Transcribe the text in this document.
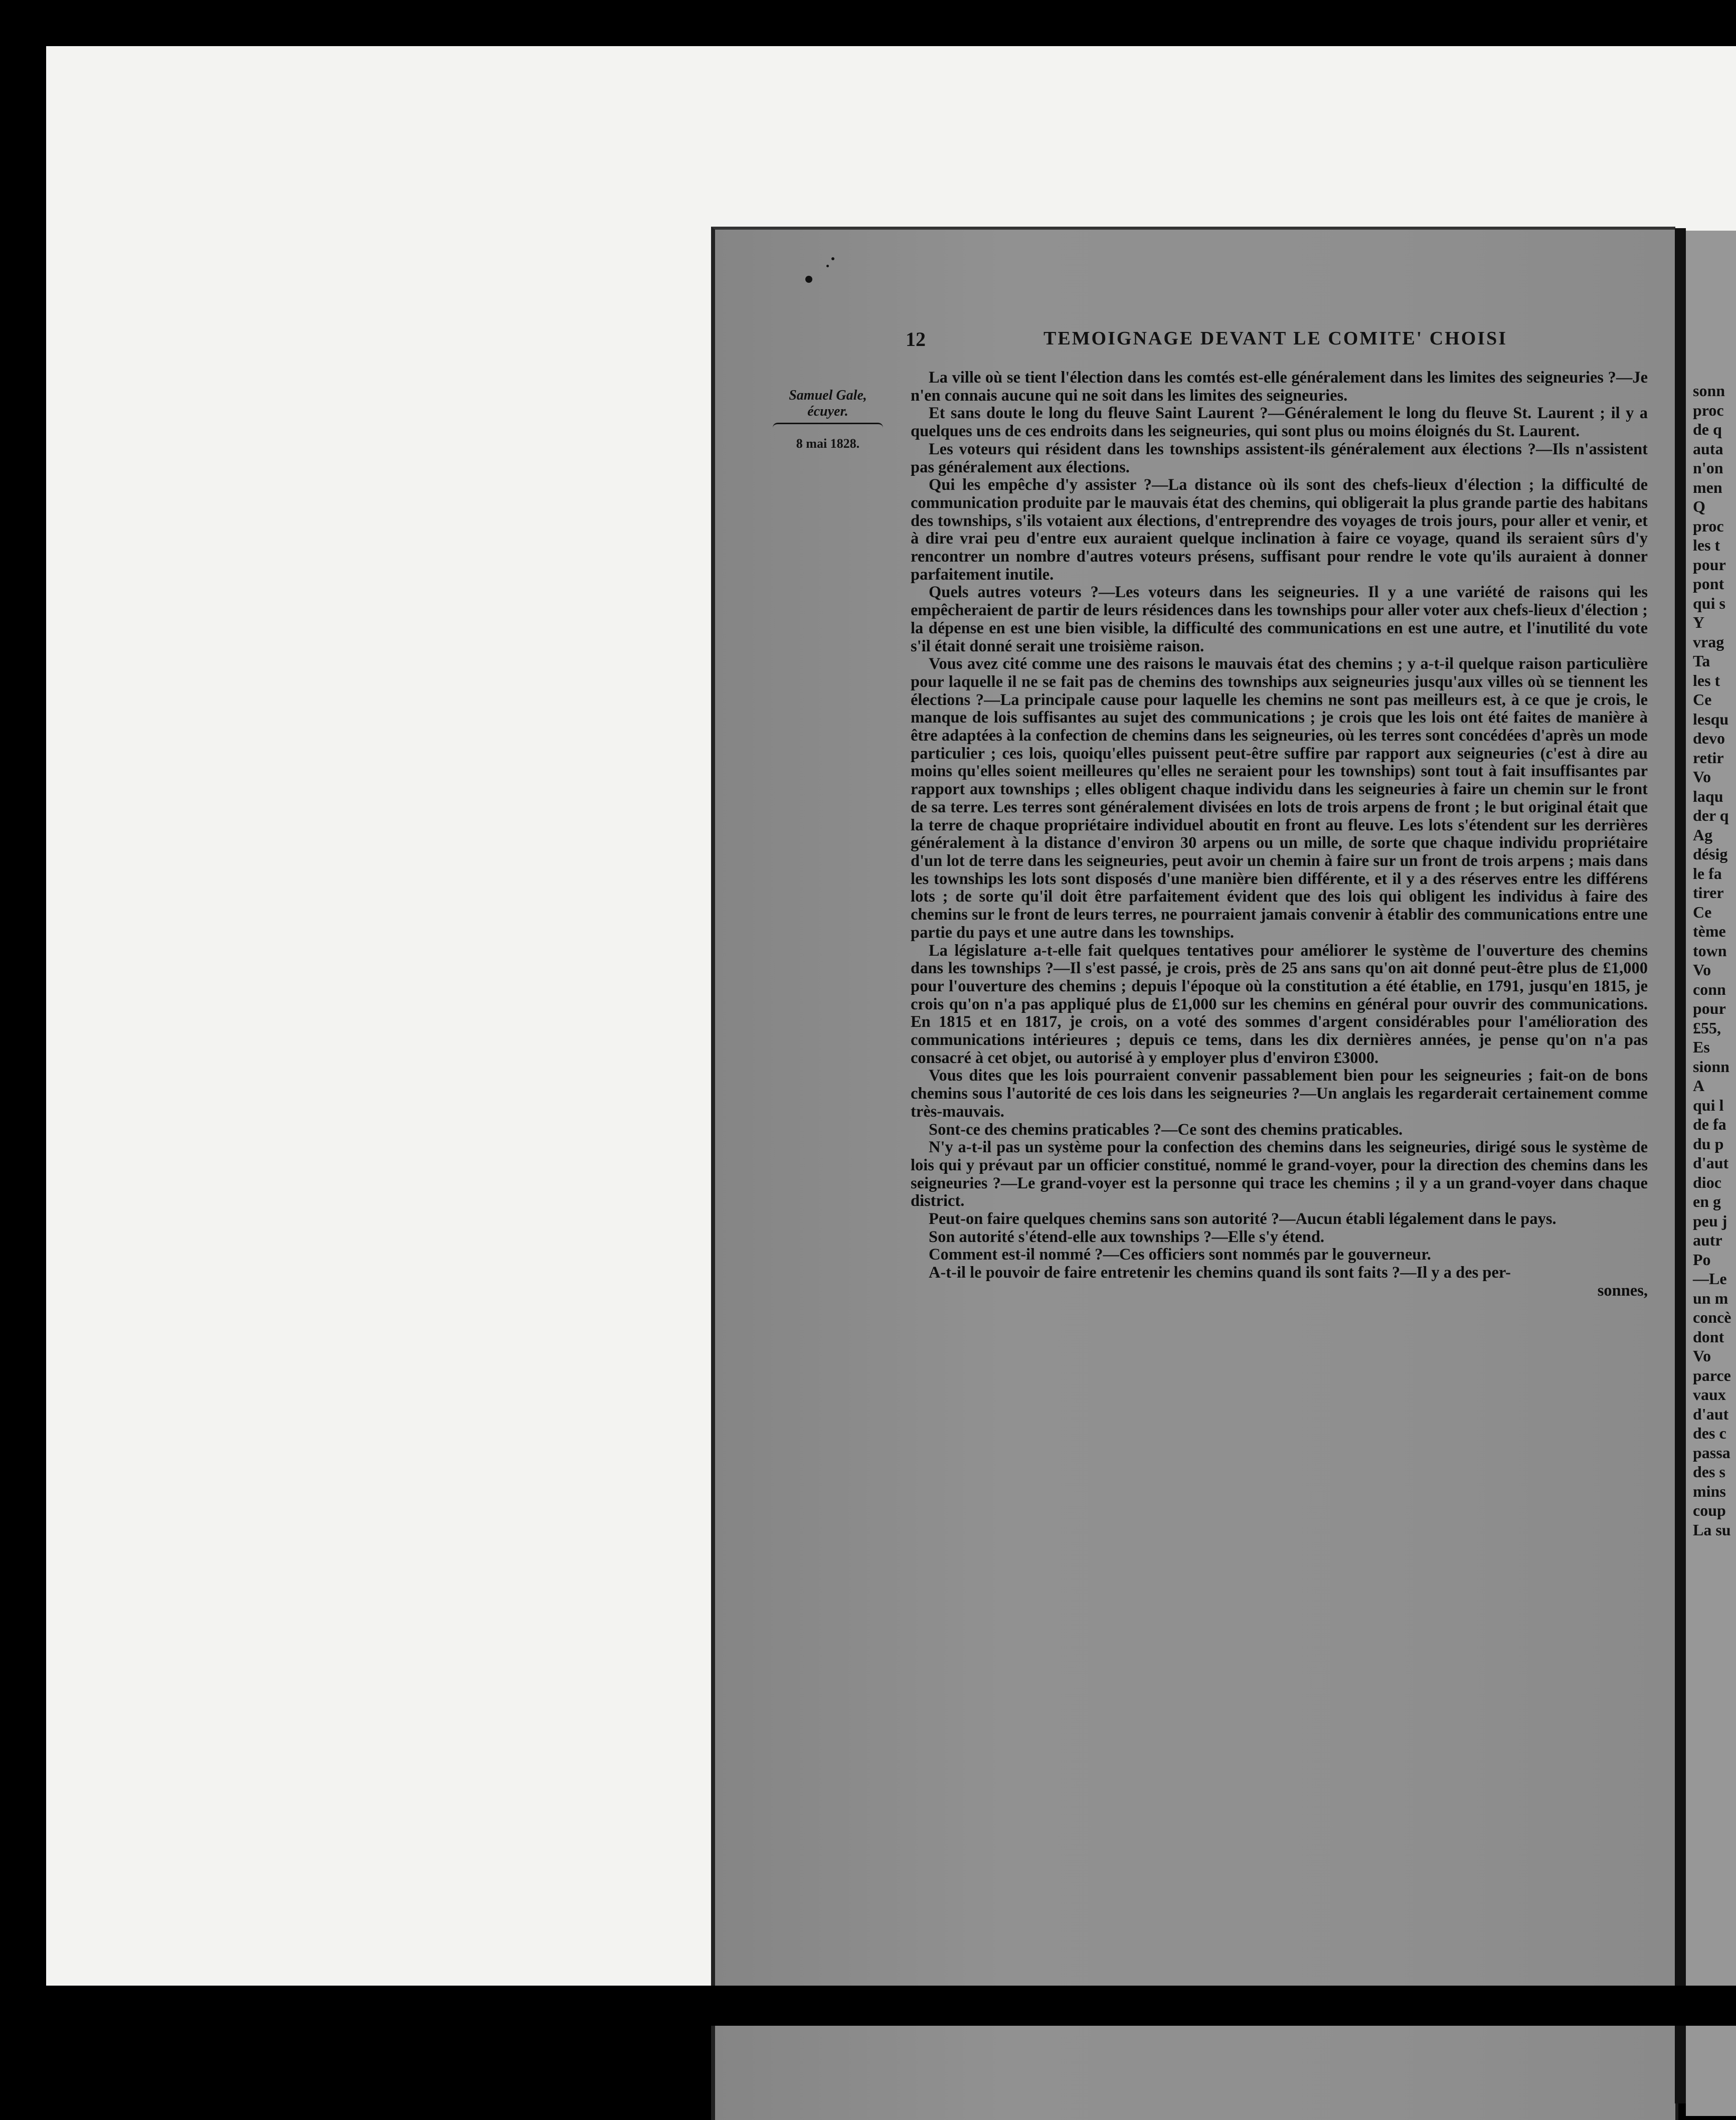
12	TEMOIGNAGE DEVANT LE COMITE' CHOISI
Samuel Gale,
écuyer.
8 mai 1828.

La ville où se tient l'élection dans les comtés est-elle généralement dans les limites des seigneuries ?—Je n'en connais aucune qui ne soit dans les limites des seigneuries.

Et sans doute le long du fleuve Saint Laurent ?—Généralement le long du fleuve St. Laurent ; il y a quelques uns de ces endroits dans les seigneuries, qui sont plus ou moins éloignés du St. Laurent.

Les voteurs qui résident dans les townships assistent-ils généralement aux élections ?—Ils n'assistent pas généralement aux élections.

Qui les empêche d'y assister ?—La distance où ils sont des chefs-lieux d'élection ; la difficulté de communication produite par le mauvais état des chemins, qui obligerait la plus grande partie des habitans des townships, s'ils votaient aux élections, d'entreprendre des voyages de trois jours, pour aller et venir, et à dire vrai peu d'entre eux auraient quelque inclination à faire ce voyage, quand ils seraient sûrs d'y rencontrer un nombre d'autres voteurs présens, suffisant pour rendre le vote qu'ils auraient à donner parfaitement inutile.

Quels autres voteurs ?—Les voteurs dans les seigneuries. Il y a une variété de raisons qui les empêcheraient de partir de leurs résidences dans les townships pour aller voter aux chefs-lieux d'élection ; la dépense en est une bien visible, la difficulté des communications en est une autre, et l'inutilité du vote s'il était donné serait une troisième raison.

Vous avez cité comme une des raisons le mauvais état des chemins ; y a-t-il quelque raison particulière pour laquelle il ne se fait pas de chemins des townships aux seigneuries jusqu'aux villes où se tiennent les élections ?—La principale cause pour laquelle les chemins ne sont pas meilleurs est, à ce que je crois, le manque de lois suffisantes au sujet des communications ; je crois que les lois ont été faites de manière à être adaptées à la confection de chemins dans les seigneuries, où les terres sont concédées d'après un mode particulier ; ces lois, quoiqu'elles puissent peut-être suffire par rapport aux seigneuries (c'est à dire au moins qu'elles soient meilleures qu'elles ne seraient pour les townships) sont tout à fait insuffisantes par rapport aux townships ; elles obligent chaque individu dans les seigneuries à faire un chemin sur le front de sa terre. Les terres sont généralement divisées en lots de trois arpens de front ; le but original était que la terre de chaque propriétaire individuel aboutit en front au fleuve. Les lots s'étendent sur les derrières généralement à la distance d'environ 30 arpens ou un mille, de sorte que chaque individu propriétaire d'un lot de terre dans les seigneuries, peut avoir un chemin à faire sur un front de trois arpens ; mais dans les townships les lots sont disposés d'une manière bien différente, et il y a des réserves entre les différens lots ; de sorte qu'il doit être parfaitement évident que des lois qui obligent les individus à faire des chemins sur le front de leurs terres, ne pourraient jamais convenir à établir des communications entre une partie du pays et une autre dans les townships.

La législature a-t-elle fait quelques tentatives pour améliorer le système de l'ouverture des chemins dans les townships ?—Il s'est passé, je crois, près de 25 ans sans qu'on ait donné peut-être plus de £1,000 pour l'ouverture des chemins ; depuis l'époque où la constitution a été établie, en 1791, jusqu'en 1815, je crois qu'on n'a pas appliqué plus de £1,000 sur les chemins en général pour ouvrir des communications. En 1815 et en 1817, je crois, on a voté des sommes d'argent considérables pour l'amélioration des communications intérieures ; depuis ce tems, dans les dix dernières années, je pense qu'on n'a pas consacré à cet objet, ou autorisé à y employer plus d'environ £3000.

Vous dites que les lois pourraient convenir passablement bien pour les seigneuries ; fait-on de bons chemins sous l'autorité de ces lois dans les seigneuries ?—Un anglais les regarderait certainement comme très-mauvais.

Sont-ce des chemins praticables ?—Ce sont des chemins praticables.

N'y a-t-il pas un système pour la confection des chemins dans les seigneuries, dirigé sous le système de lois qui y prévaut par un officier constitué, nommé le grand-voyer, pour la direction des chemins dans les seigneuries ?—Le grand-voyer est la personne qui trace les chemins ; il y a un grand-voyer dans chaque district.

Peut-on faire quelques chemins sans son autorité ?—Aucun établi légalement dans le pays.

Son autorité s'étend-elle aux townships ?—Elle s'y étend.

Comment est-il nommé ?—Ces officiers sont nommés par le gouverneur.

A-t-il le pouvoir de faire entretenir les chemins quand ils sont faits ?—Il y a des per-

sonnes,

sonn
proc
de q
auta
n'on
men
Q
proc
les t
pour
pont
qui s
Y
vrag
Ta
les t
Ce
lesqu
devo
retir
Vo
laqu
der q
Ag
désig
le fa
tirer
Ce
tème
town
Vo
conn
pour
£55,
Es
sionn
A
qui l
de fa
du p
d'aut
dioc
en g
peu j
autr
Po
—Le
un m
concè
dont
Vo
parce
vaux
d'aut
des c
passa
des s
mins
coup
La su
